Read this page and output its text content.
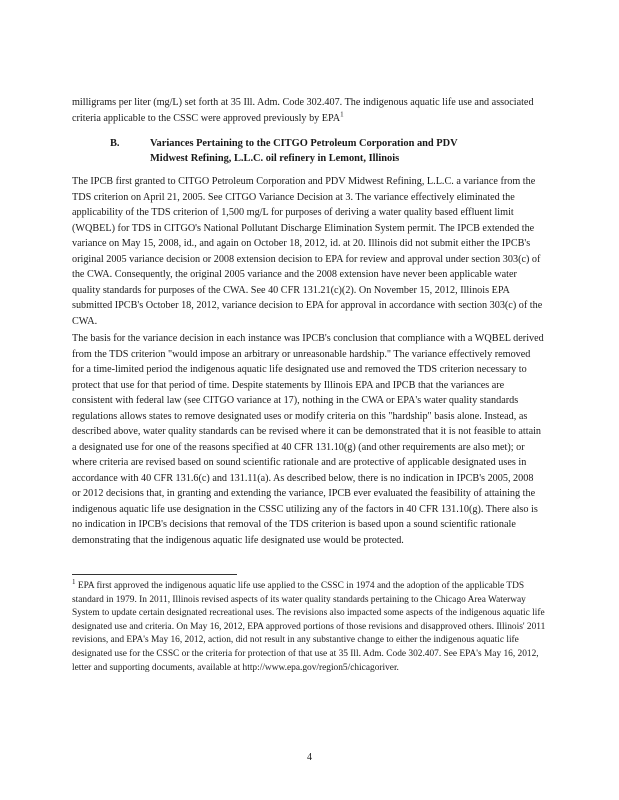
milligrams per liter (mg/L) set forth at 35 Ill. Adm. Code 302.407. The indigenous aquatic life use and associated criteria applicable to the CSSC were approved previously by EPA$^1$

B.	Variances Pertaining to the CITGO Petroleum Corporation and PDV
Midwest Refining, L.L.C. oil refinery in Lemont, Illinois

The IPCB first granted to CITGO Petroleum Corporation and PDV Midwest Refining, L.L.C. a variance from the TDS criterion on April 21, 2005. See CITGO Variance Decision at 3. The variance effectively eliminated the applicability of the TDS criterion of 1,500 mg/L for purposes of deriving a water quality based effluent limit (WQBEL) for TDS in CITGO's National Pollutant Discharge Elimination System permit. The IPCB extended the variance on May 15, 2008, id., and again on October 18, 2012, id. at 20. Illinois did not submit either the IPCB's original 2005 variance decision or 2008 extension decision to EPA for review and approval under section 303(c) of the CWA. Consequently, the original 2005 variance and the 2008 extension have never been applicable water quality standards for purposes of the CWA. See 40 CFR 131.21(c)(2). On November 15, 2012, Illinois EPA submitted IPCB's October 18, 2012, variance decision to EPA for approval in accordance with section 303(c) of the CWA.

The basis for the variance decision in each instance was IPCB's conclusion that compliance with a WQBEL derived from the TDS criterion "would impose an arbitrary or unreasonable hardship." The variance effectively removed for a time-limited period the indigenous aquatic life designated use and removed the TDS criterion necessary to protect that use for that period of time. Despite statements by Illinois EPA and IPCB that the variances are consistent with federal law (see CITGO variance at 17), nothing in the CWA or EPA's water quality standards regulations allows states to remove designated uses or modify criteria on this "hardship" basis alone. Instead, as described above, water quality standards can be revised where it can be demonstrated that it is not feasible to attain a designated use for one of the reasons specified at 40 CFR 131.10(g) (and other requirements are also met); or where criteria are revised based on sound scientific rationale and are protective of applicable designated uses in accordance with 40 CFR 131.6(c) and 131.11(a). As described below, there is no indication in IPCB's 2005, 2008 or 2012 decisions that, in granting and extending the variance, IPCB ever evaluated the feasibility of attaining the indigenous aquatic life use designation in the CSSC utilizing any of the factors in 40 CFR 131.10(g). There also is no indication in IPCB's decisions that removal of the TDS criterion is based upon a sound scientific rationale demonstrating that the indigenous aquatic life designated use would be protected.

$^1$ EPA first approved the indigenous aquatic life use applied to the CSSC in 1974 and the adoption of the applicable TDS standard in 1979. In 2011, Illinois revised aspects of its water quality standards pertaining to the Chicago Area Waterway System to update certain designated recreational uses. The revisions also impacted some aspects of the indigenous aquatic life designated use and criteria. On May 16, 2012, EPA approved portions of those revisions and disapproved others. Illinois' 2011 revisions, and EPA's May 16, 2012, action, did not result in any substantive change to either the indigenous aquatic life designated use for the CSSC or the criteria for protection of that use at 35 Ill. Adm. Code 302.407. See EPA's May 16, 2012, letter and supporting documents, available at http://www.epa.gov/region5/chicagoriver.

4
